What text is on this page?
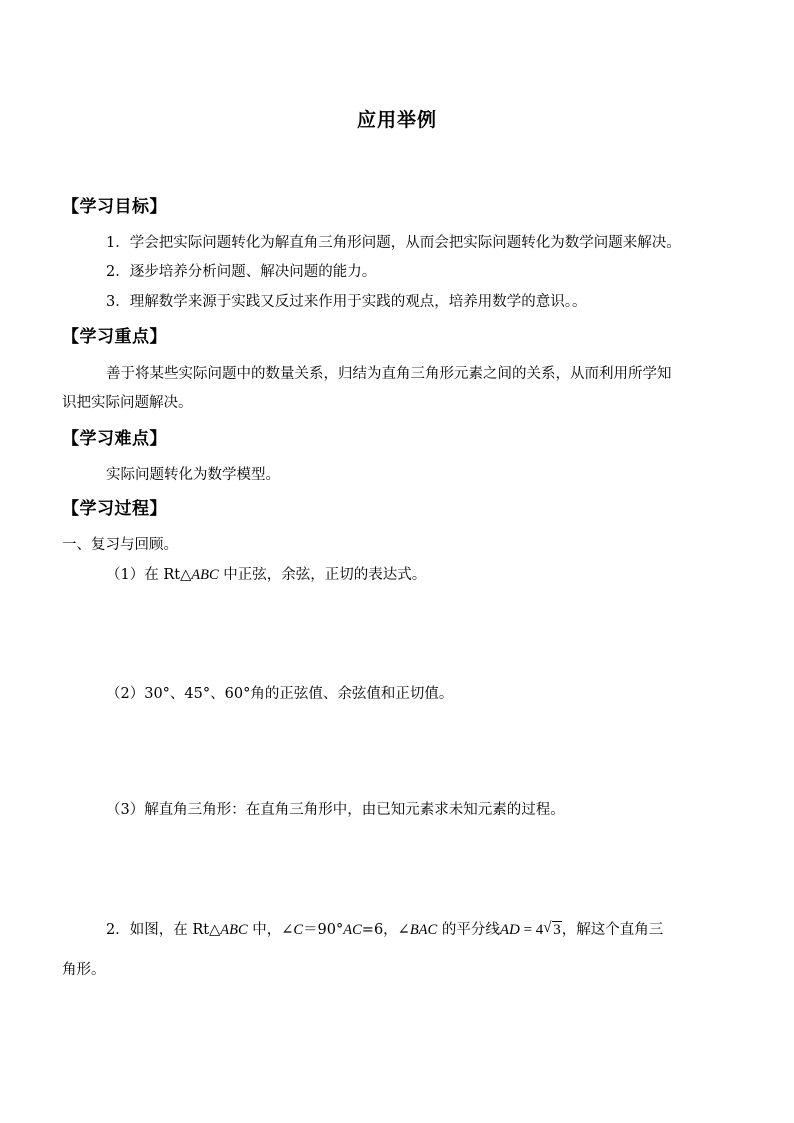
应用举例
【学习目标】
1．学会把实际问题转化为解直角三角形问题，从而会把实际问题转化为数学问题来解决。
2．逐步培养分析问题、解决问题的能力。
3．理解数学来源于实践又反过来作用于实践的观点，培养用数学的意识。。
【学习重点】
善于将某些实际问题中的数量关系，归结为直角三角形元素之间的关系，从而利用所学知
识把实际问题解决。
【学习难点】
实际问题转化为数学模型。
【学习过程】
一、复习与回顾。
（1）在 Rt△ABC 中正弦，余弦，正切的表达式。
（2）30°、45°、60°角的正弦值、余弦值和正切值。
（3）解直角三角形：在直角三角形中，由已知元素求未知元素的过程。
2．如图，在 Rt△ABC 中，∠C＝90°AC=6，∠BAC 的平分线AD = 4 √ 3，解这个直角三
角形。
